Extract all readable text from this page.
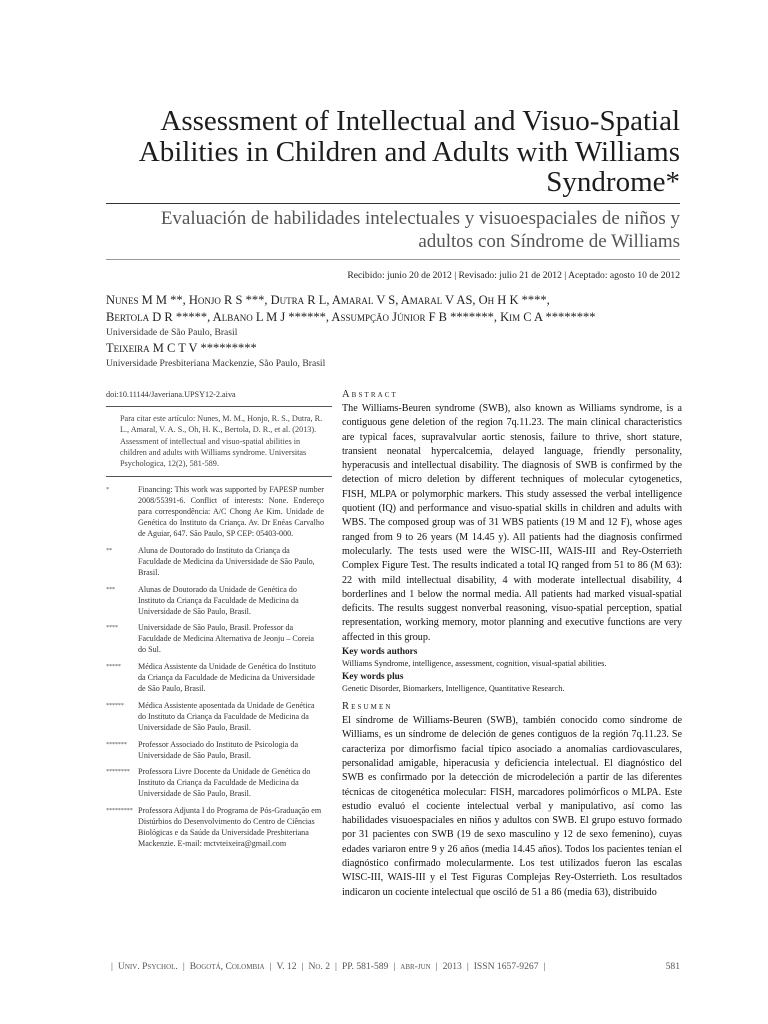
Assessment of Intellectual and Visuo-Spatial Abilities in Children and Adults with Williams Syndrome*
Evaluación de habilidades intelectuales y visuoespaciales de niños y adultos con Síndrome de Williams
Recibido: junio 20 de 2012 | Revisado: julio 21 de 2012 | Aceptado: agosto 10 de 2012
Nunes M M **, Honjo R S ***, Dutra R L, Amaral V S, Amaral V AS, Oh H K ****,
Bertola D R *****, Albano L M J ******, Assumpção Júnior F B *******, Kim C A ********
Universidade de São Paulo, Brasil
Teixeira M C T V *********
Universidade Presbiteriana Mackenzie, São Paulo, Brasil
doi:10.11144/Javeriana.UPSY12-2.aiva

Para citar este artículo: Nunes, M. M., Honjo, R. S., Dutra, R. L., Amaral, V. A. S., Oh, H. K., Bertola, D. R., et al. (2013). Assessment of intellectual and visuo-spatial abilities in children and adults with Williams syndrome. Universitas Psychologica, 12(2), 581-589.

*	Financing: This work was supported by FAPESP number 2008/55391-6. Conflict of interests: None. Endereço para correspondência: A/C Chong Ae Kim. Unidade de Genética do Instituto da Criança. Av. Dr Enéas Carvalho de Aguiar, 647. São Paulo, SP CEP: 05403-000.
**	Aluna de Doutorado do Instituto da Criança da Faculdade de Medicina da Universidade de São Paulo, Brasil.
***	Alunas de Doutorado da Unidade de Genética do Instituto da Criança da Faculdade de Medicina da Universidade de São Paulo, Brasil.
****	Universidade de São Paulo, Brasil. Professor da Faculdade de Medicina Alternativa de Jeonju – Coreia do Sul.
*****	Médica Assistente da Unidade de Genética do Instituto da Criança da Faculdade de Medicina da Universidade de São Paulo, Brasil.
******	Médica Assistente aposentada da Unidade de Genética do Instituto da Criança da Faculdade de Medicina da Universidade de São Paulo, Brasil.
*******	Professor Associado do Instituto de Psicologia da Universidade de São Paulo, Brasil.
********	Professora Livre Docente da Unidade de Genética do Instituto da Criança da Faculdade de Medicina da Universidade de São Paulo, Brasil.
********* Professora Adjunta I do Programa de Pós-Graduação em Distúrbios do Desenvolvimento do Centro de Ciências Biológicas e da Saúde da Universidade Presbiteriana Mackenzie. E-mail: mctvteixeira@gmail.com
Abstract

The Williams-Beuren syndrome (SWB), also known as Williams syndrome, is a contiguous gene deletion of the region 7q.11.23. The main clinical characteristics are typical faces, supravalvular aortic stenosis, failure to thrive, short stature, transient neonatal hypercalcemia, delayed language, friendly personality, hyperacusis and intellectual disability. The diagnosis of SWB is confirmed by the detection of micro deletion by different techniques of molecular cytogenetics, FISH, MLPA or polymorphic markers. This study assessed the verbal intelligence quotient (IQ) and performance and visuo-spatial skills in children and adults with WBS. The composed group was of 31 WBS patients (19 M and 12 F), whose ages ranged from 9 to 26 years (M 14.45 y). All patients had the diagnosis confirmed molecularly. The tests used were the WISC-III, WAIS-III and Rey-Osterrieth Complex Figure Test. The results indicated a total IQ ranged from 51 to 86 (M 63): 22 with mild intellectual disability, 4 with moderate intellectual disability, 4 borderlines and 1 below the normal media. All patients had marked visual-spatial deficits. The results suggest nonverbal reasoning, visuo-spatial perception, spatial representation, working memory, motor planning and executive functions are very affected in this group.

Key words authors

Williams Syndrome, intelligence, assessment, cognition, visual-spatial abilities.

Key words plus

Genetic Disorder, Biomarkers, Intelligence, Quantitative Research.

Resumen

El síndrome de Williams-Beuren (SWB), también conocido como síndrome de Williams, es un síndrome de deleción de genes contiguos de la región 7q.11.23. Se caracteriza por dimorfismo facial típico asociado a anomalías cardiovasculares, personalidad amigable, hiperacusia y deficiencia intelectual. El diagnóstico del SWB es confirmado por la detección de microdeleción a partir de las diferentes técnicas de citogenética molecular: FISH, marcadores polimórficos o MLPA. Este estudio evaluó el cociente intelectual verbal y manipulativo, así como las habilidades visuoespaciales en niños y adultos con SWB. El grupo estuvo formado por 31 pacientes con SWB (19 de sexo masculino y 12 de sexo femenino), cuyas edades variaron entre 9 y 26 años (media 14.45 años). Todos los pacientes tenían el diagnóstico confirmado molecularmente. Los test utilizados fueron las escalas WISC-III, WAIS-III y el Test Figuras Complejas Rey-Osterrieth. Los resultados indicaron un cociente intelectual que osciló de 51 a 86 (media 63), distribuido

| Univ. Psychol. | Bogotá, Colombia | V. 12 | No. 2 | PP. 581-589 | abr-jun | 2013 | ISSN 1657-9267 |	581
